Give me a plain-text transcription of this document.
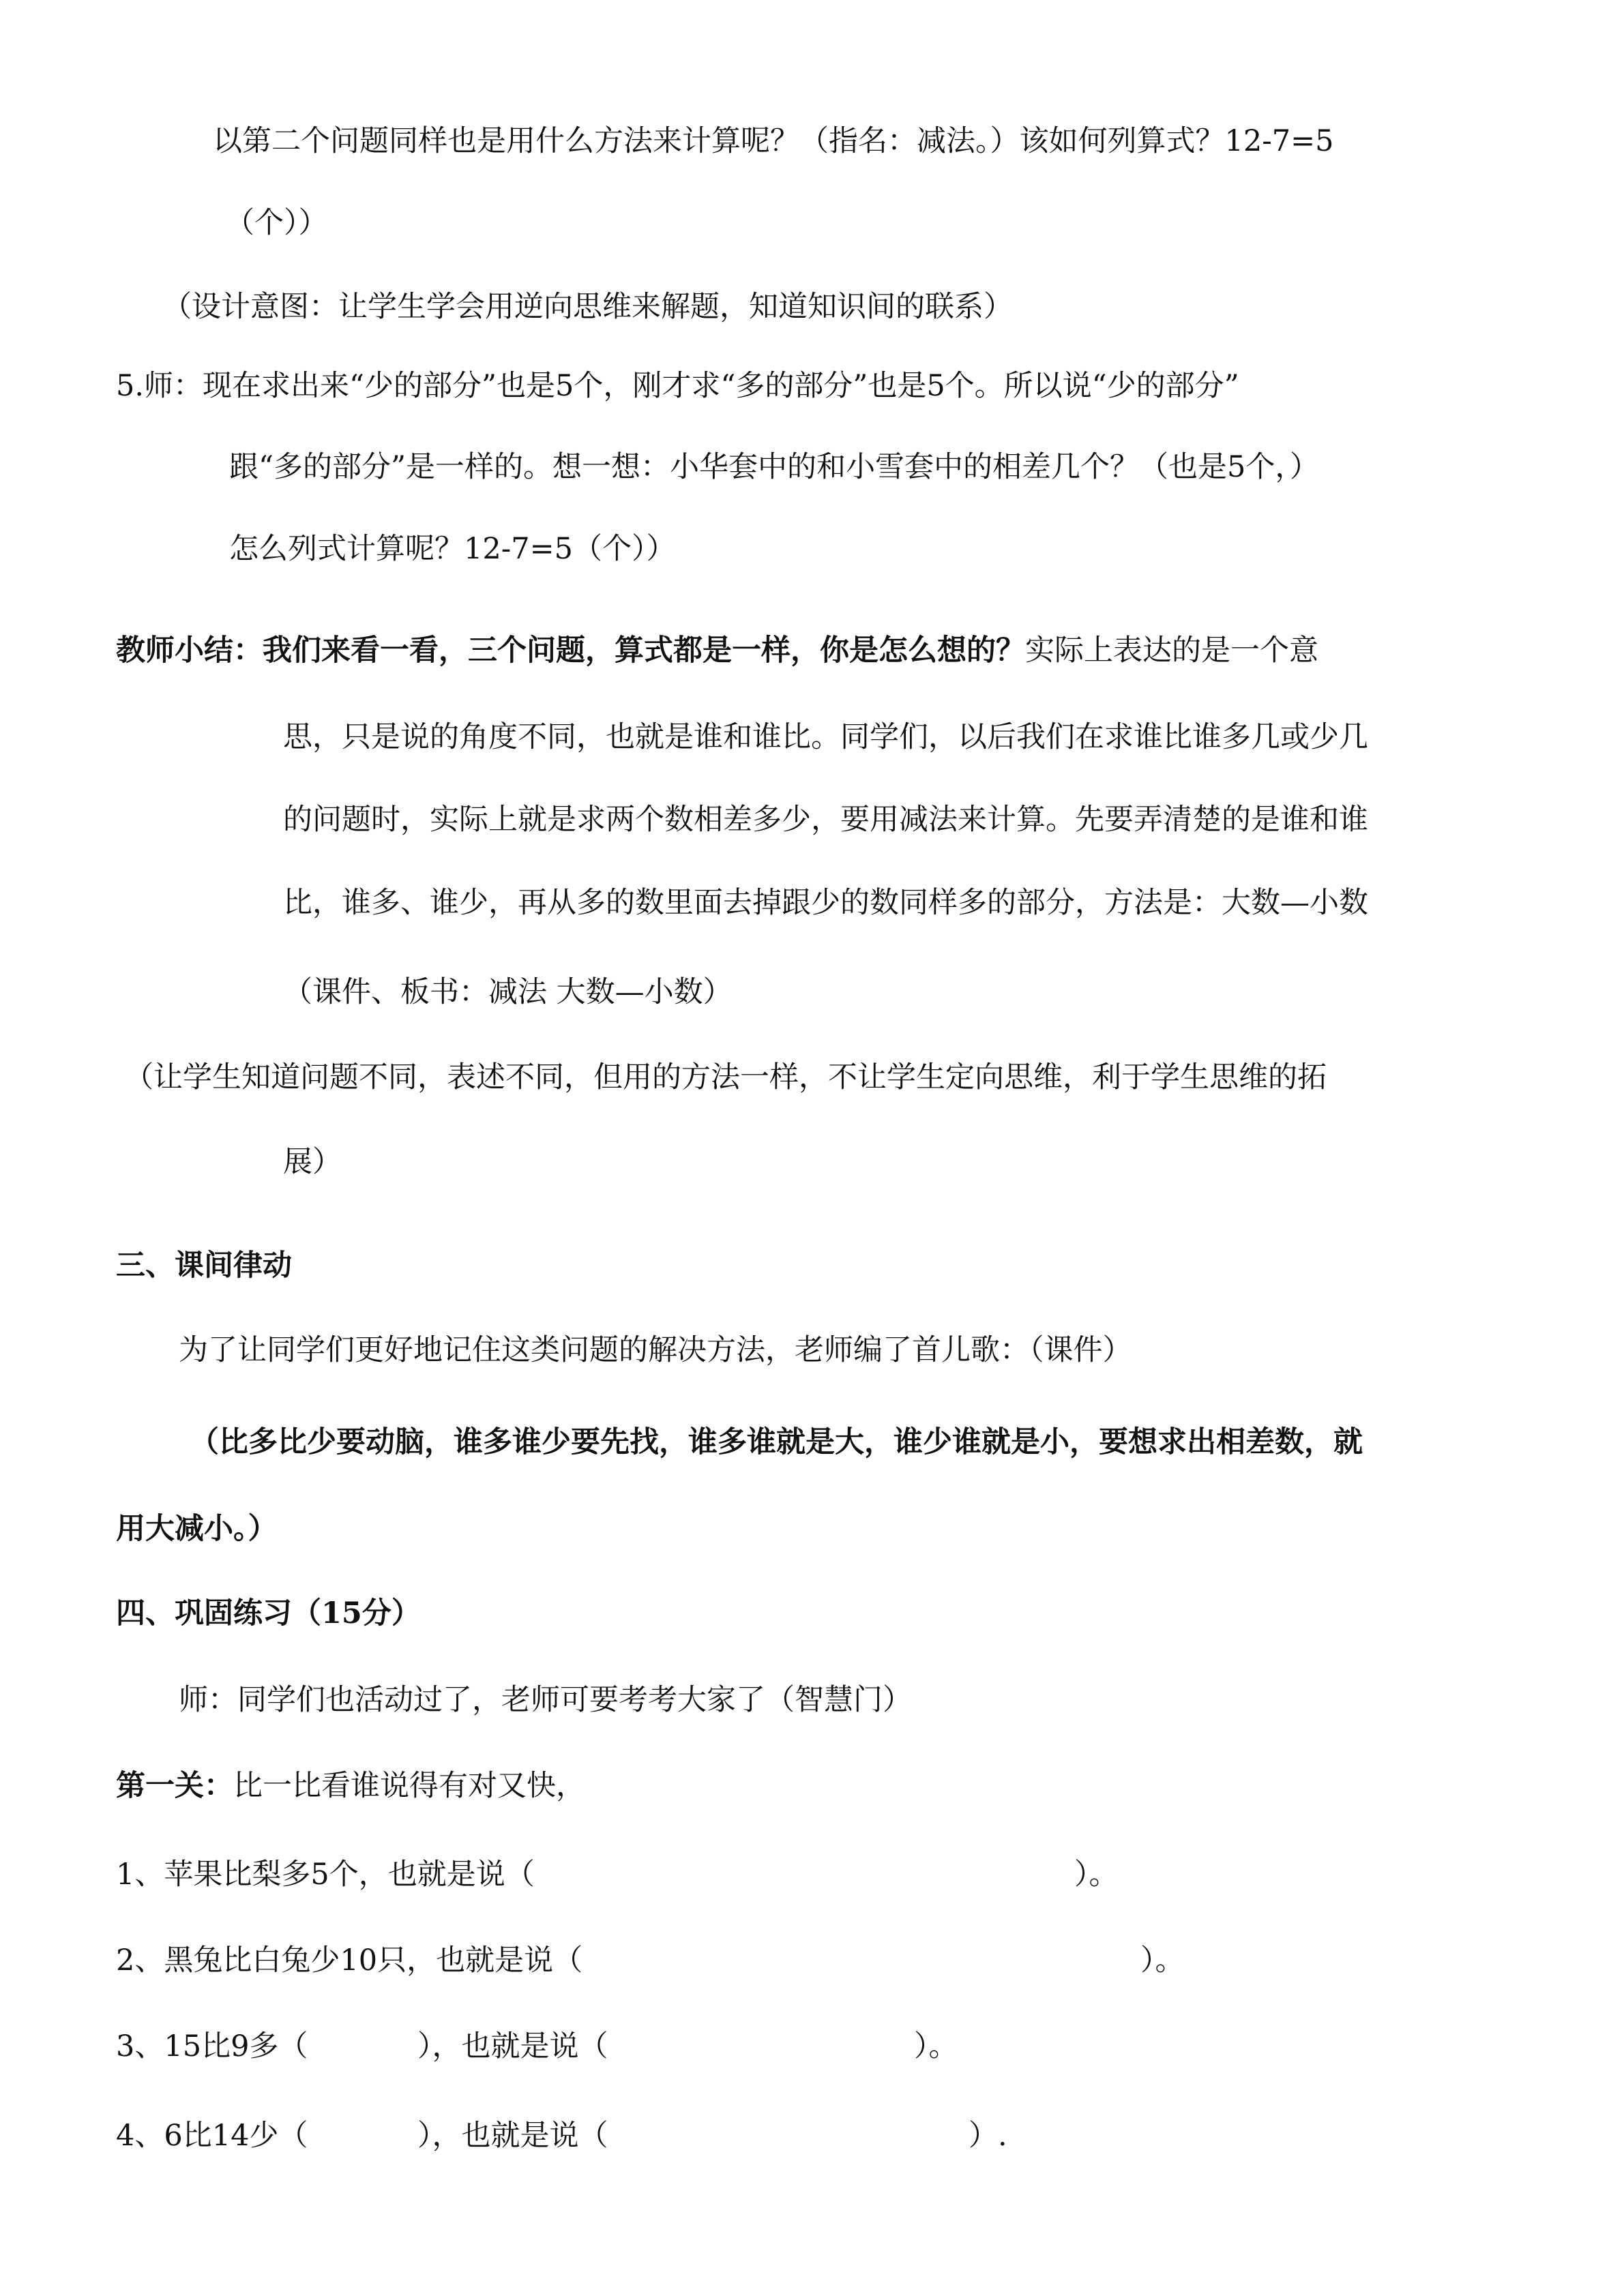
以第二个问题同样也是用什么方法来计算呢？（指名：减法。）该如何列算式？12-7=5
（个））
（设计意图：让学生学会用逆向思维来解题，知道知识间的联系）
5.师：现在求出来“少的部分”也是5个，刚才求“多的部分”也是5个。所以说“少的部分”
跟“多的部分”是一样的。想一想：小华套中的和小雪套中的相差几个？（也是5个，）
怎么列式计算呢？12-7=5（个））
教师小结：我们来看一看，三个问题，算式都是一样，你是怎么想的？实际上表达的是一个意
思，只是说的角度不同，也就是谁和谁比。同学们，以后我们在求谁比谁多几或少几
的问题时，实际上就是求两个数相差多少，要用减法来计算。先要弄清楚的是谁和谁
比，谁多、谁少，再从多的数里面去掉跟少的数同样多的部分，方法是：大数—小数
（课件、板书：减法 大数—小数）
（让学生知道问题不同，表述不同，但用的方法一样，不让学生定向思维，利于学生思维的拓
展）
三、课间律动
为了让同学们更好地记住这类问题的解决方法，老师编了首儿歌：（课件）
（比多比少要动脑，谁多谁少要先找，谁多谁就是大，谁少谁就是小，要想求出相差数，就
用大减小。）
四、巩固练习（15分）
师：同学们也活动过了，老师可要考考大家了（智慧门）
第一关：比一比看谁说得有对又快，
1、苹果比梨多5个，也就是说（	）。
2、黑兔比白兔少10只，也就是说（	）。
3、15比9多（	），也就是说（	）。
4、6比14少（	），也就是说（	）.
